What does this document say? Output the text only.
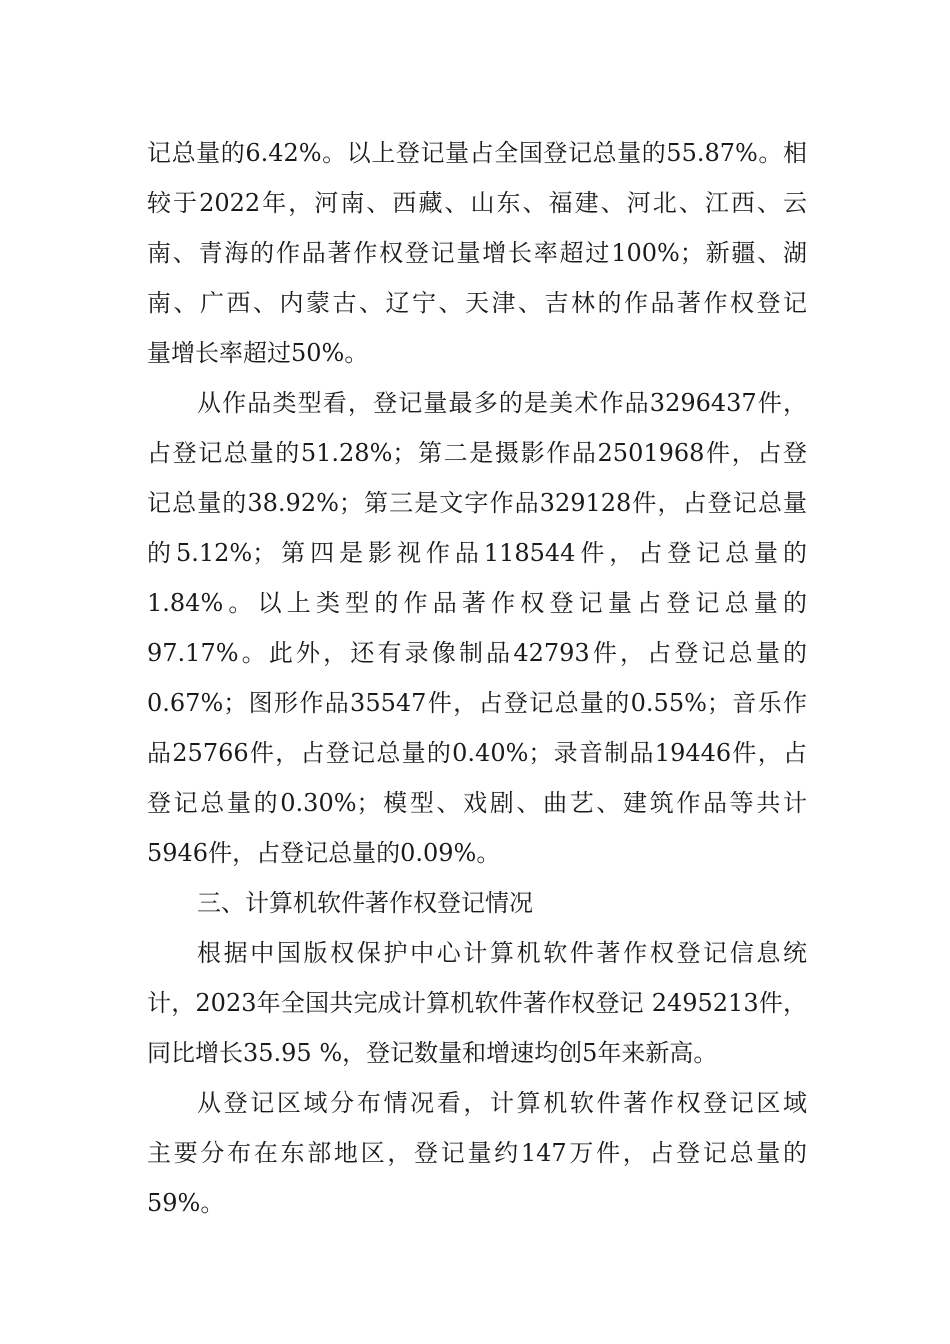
记总量的6.42%。以上登记量占全国登记总量的55.87%。相
较于2022年，河南、西藏、山东、福建、河北、江西、云
南、青海的作品著作权登记量增长率超过100%；新疆、湖
南、广西、内蒙古、辽宁、天津、吉林的作品著作权登记
量增长率超过50%。
从作品类型看，登记量最多的是美术作品3296437件，
占登记总量的51.28%；第二是摄影作品2501968件，占登
记总量的38.92%；第三是文字作品329128件，占登记总量
的5.12%；第四是影视作品118544件，占登记总量的
1.84%。以上类型的作品著作权登记量占登记总量的
97.17%。此外，还有录像制品42793件，占登记总量的
0.67%；图形作品35547件，占登记总量的0.55%；音乐作
品25766件，占登记总量的0.40%；录音制品19446件，占
登记总量的0.30%；模型、戏剧、曲艺、建筑作品等共计
5946件，占登记总量的0.09%。
三、计算机软件著作权登记情况
根据中国版权保护中心计算机软件著作权登记信息统
计，2023年全国共完成计算机软件著作权登记 2495213件，
同比增长35.95 %，登记数量和增速均创5年来新高。
从登记区域分布情况看，计算机软件著作权登记区域
主要分布在东部地区，登记量约147万件，占登记总量的
59%。
